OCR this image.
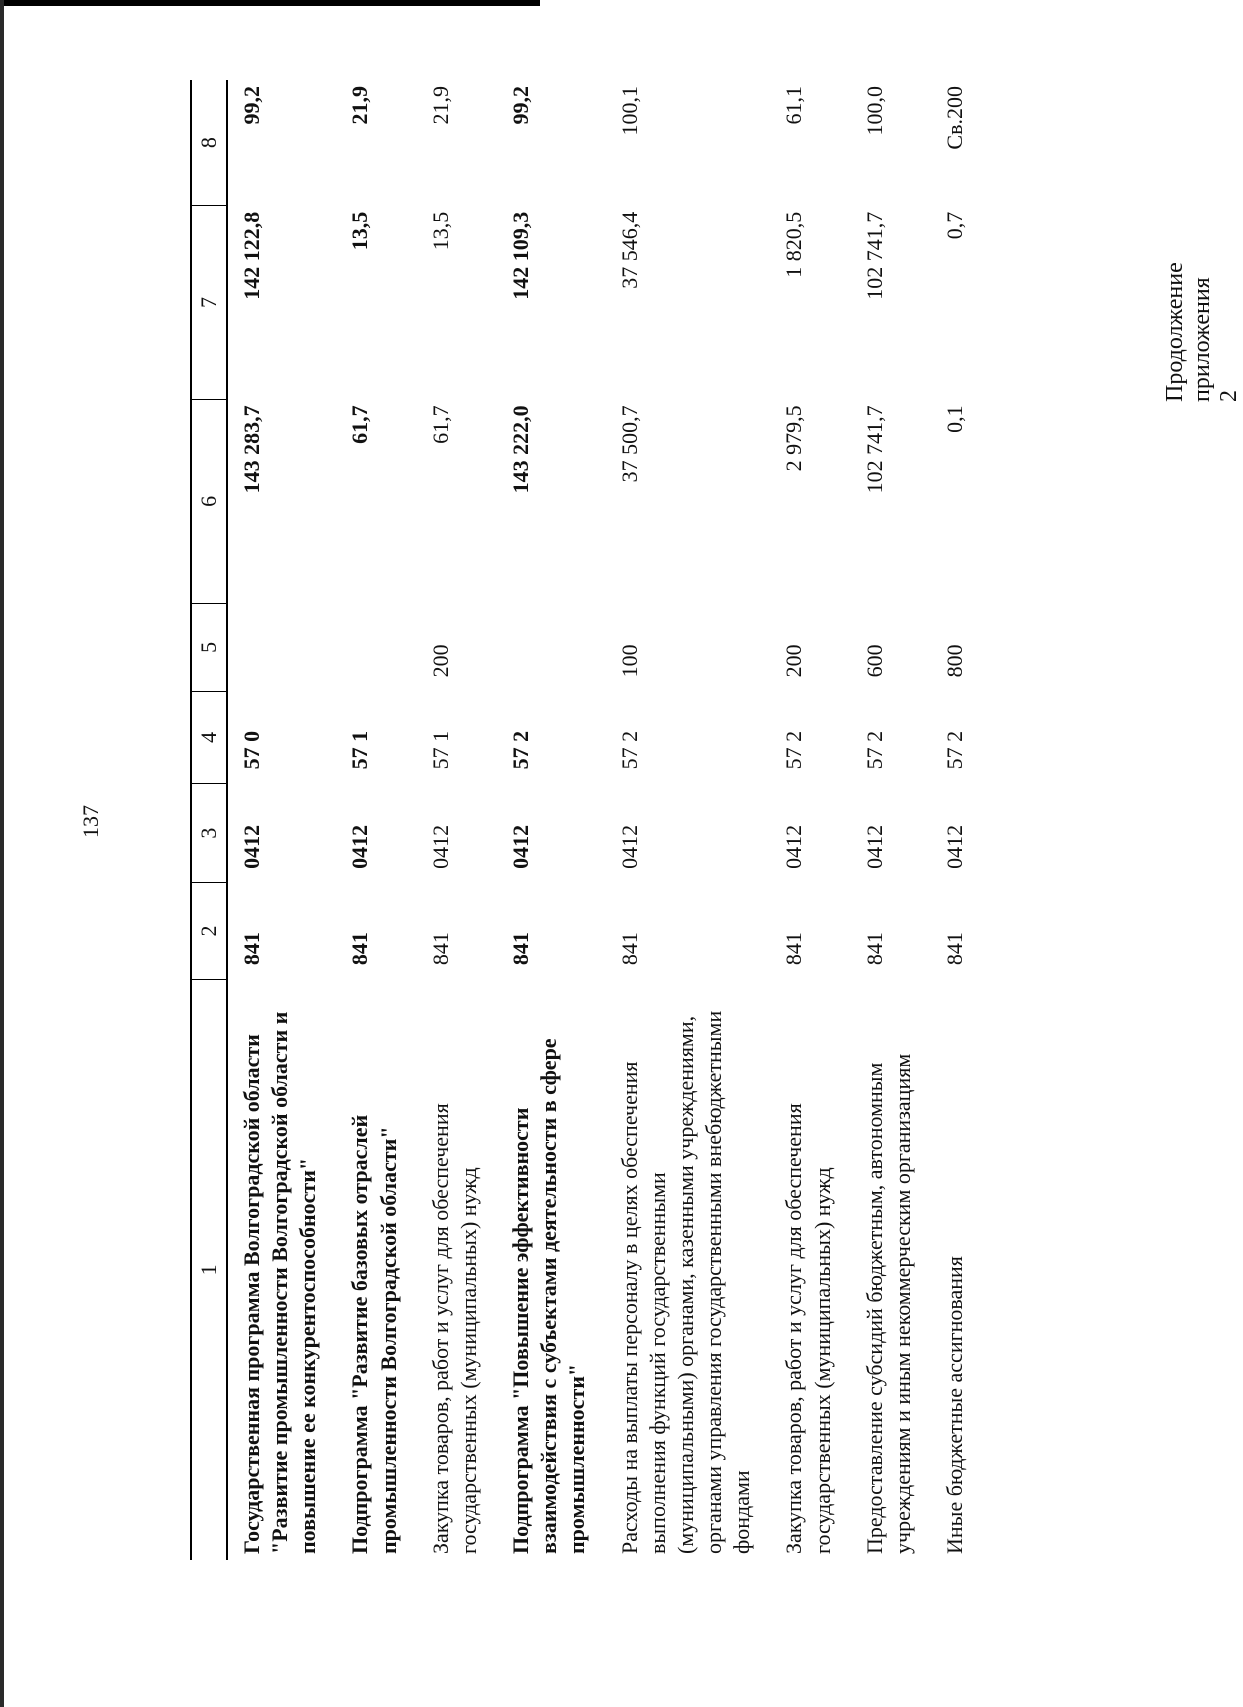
137
Продолжение приложения 2
1	2	3	4	5	6	7	8
Государственная программа Волгоградской области "Развитие промышленности Волгоградской области и повышение ее конкурентоспособности"	841	0412	57 0		143 283,7	142 122,8	99,2
Подпрограмма "Развитие базовых отраслей промышленности Волгоградской области"	841	0412	57 1		61,7	13,5	21,9
Закупка товаров, работ и услуг для обеспечения государственных (муниципальных) нужд	841	0412	57 1	200	61,7	13,5	21,9
Подпрограмма "Повышение эффективности взаимодействия с субъектами деятельности в сфере промышленности"	841	0412	57 2		143 222,0	142 109,3	99,2
Расходы на выплаты персоналу в целях обеспечения выполнения функций государственными (муниципальными) органами, казенными учреждениями, органами управления государственными внебюджетными фондами	841	0412	57 2	100	37 500,7	37 546,4	100,1
Закупка товаров, работ и услуг для обеспечения государственных (муниципальных) нужд	841	0412	57 2	200	2 979,5	1 820,5	61,1
Предоставление субсидий бюджетным, автономным учреждениям и иным некоммерческим организациям	841	0412	57 2	600	102 741,7	102 741,7	100,0
Иные бюджетные ассигнования	841	0412	57 2	800	0,1	0,7	Св.200
